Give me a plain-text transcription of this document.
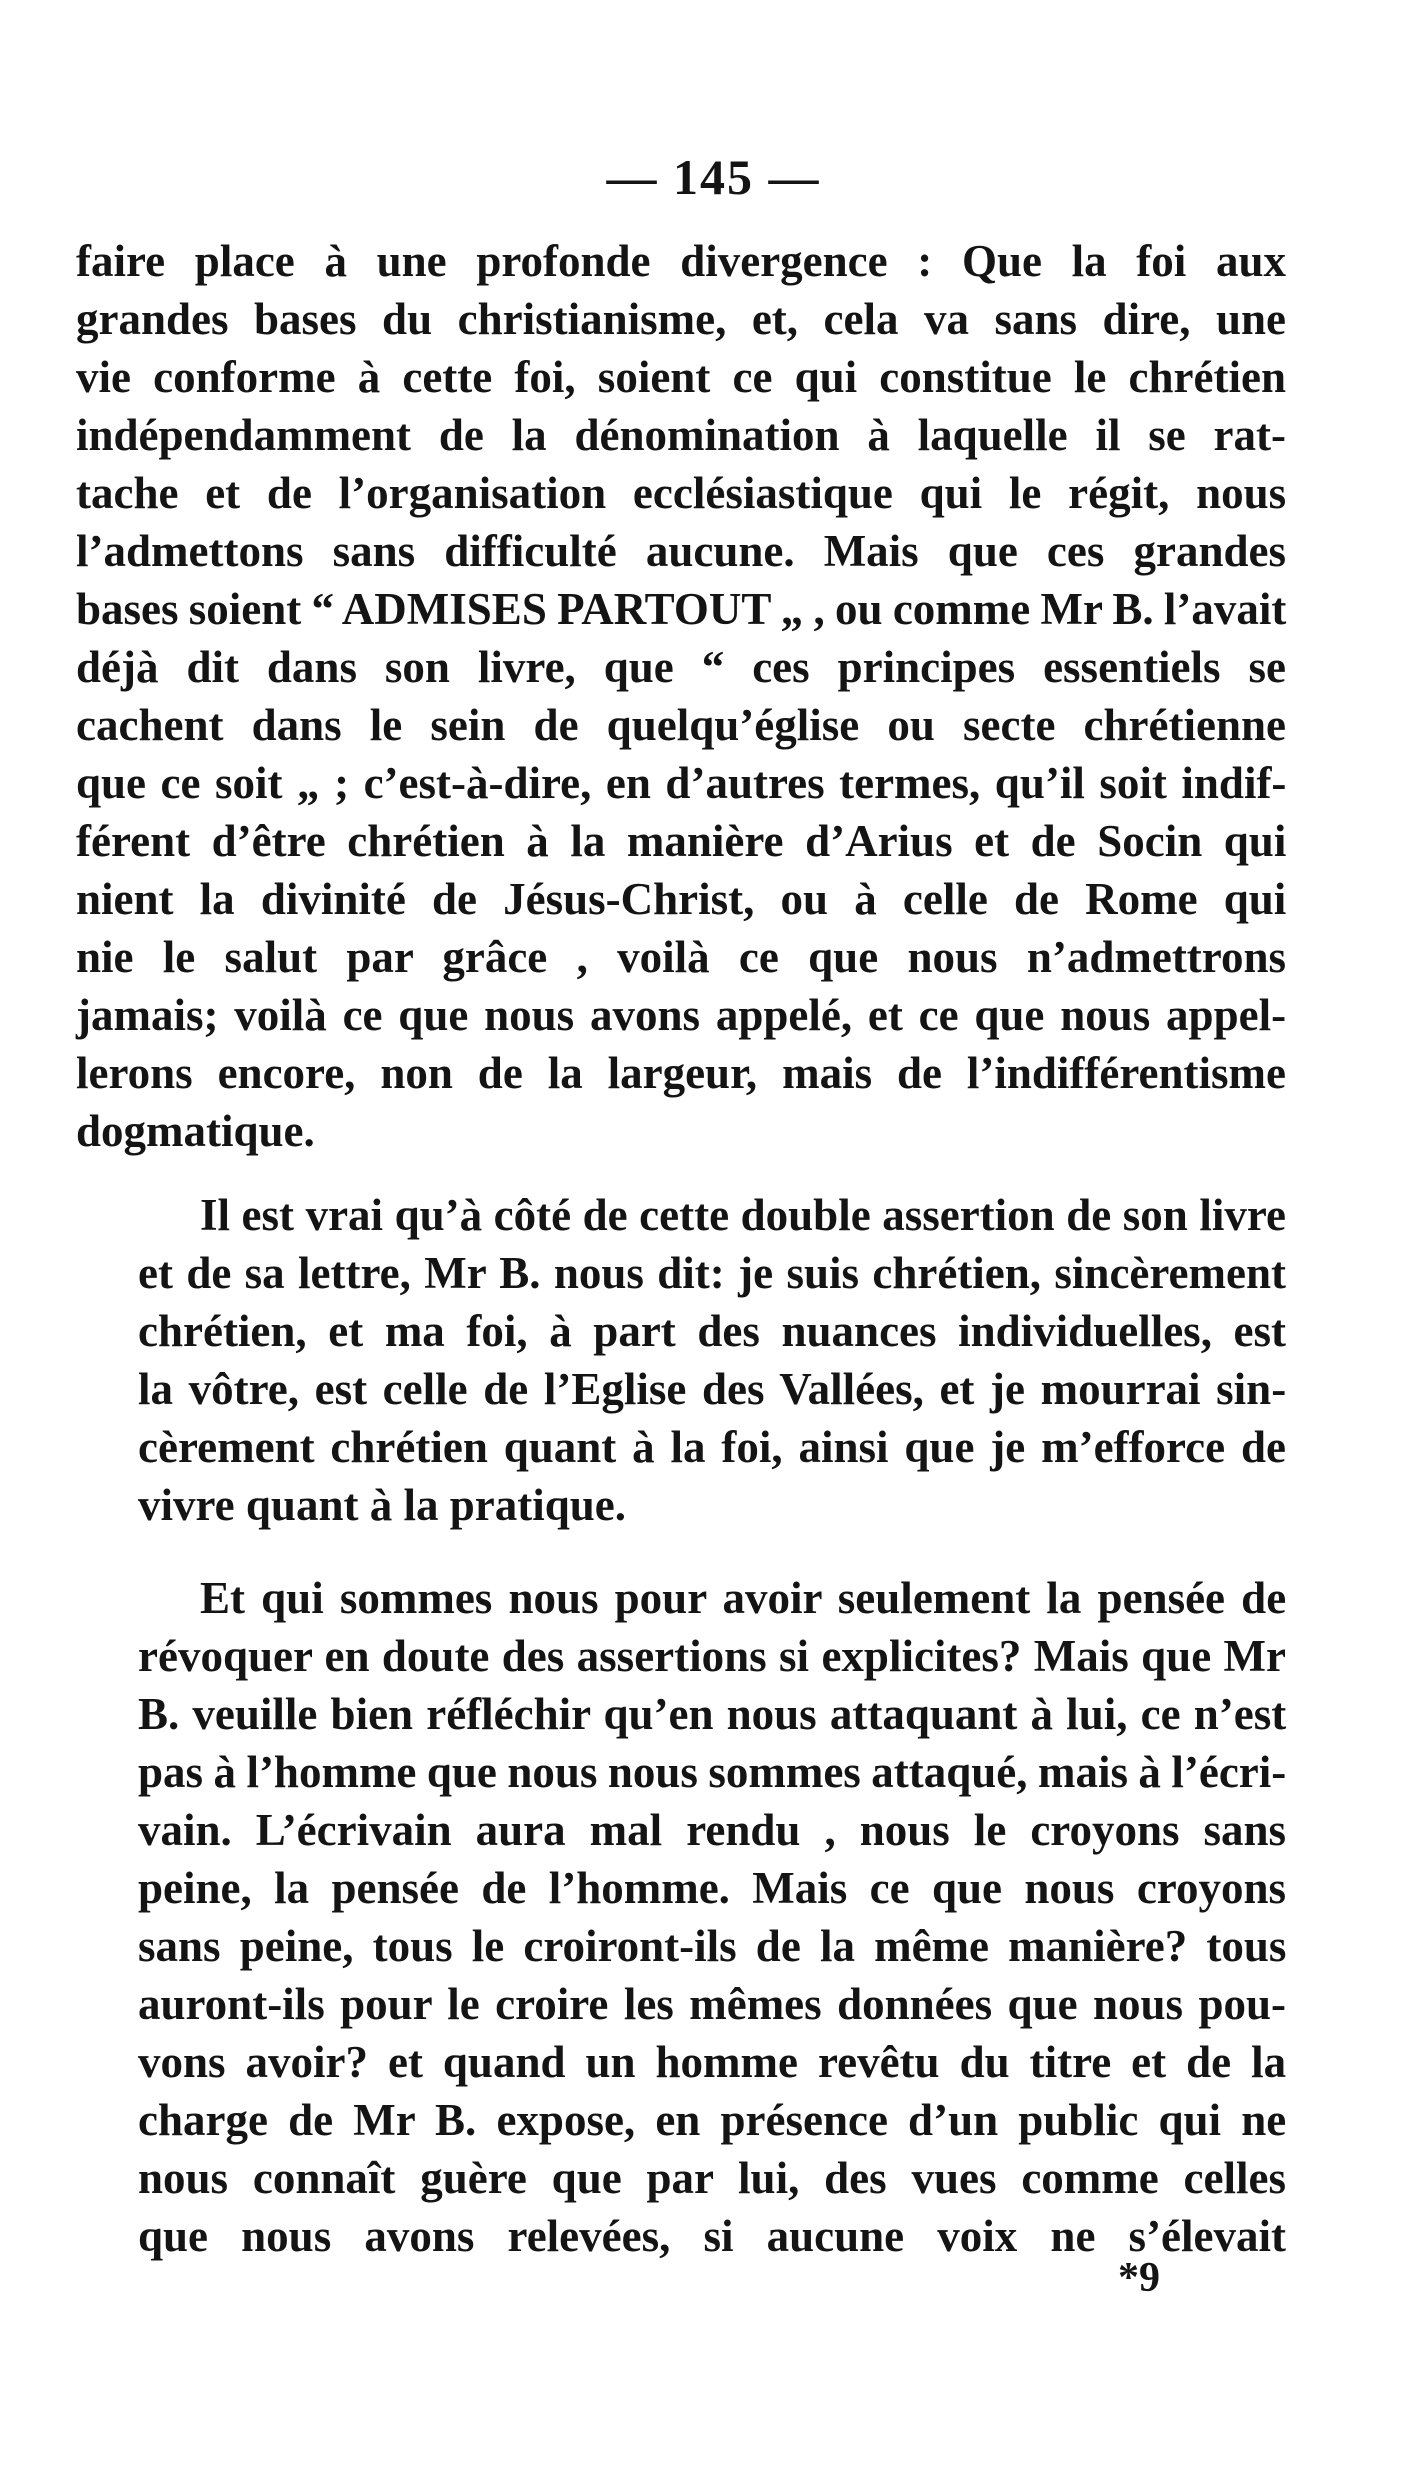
— 145 —
faire place à une profonde divergence : Que la foi aux
grandes bases du christianisme, et, cela va sans dire, une
vie conforme à cette foi, soient ce qui constitue le chrétien
indépendamment de la dénomination à laquelle il se rat-
tache et de l’organisation ecclésiastique qui le régit, nous
l’admettons sans difficulté aucune. Mais que ces grandes
bases soient “ ADMISES PARTOUT „ , ou comme Mr B. l’avait
déjà dit dans son livre, que “ ces principes essentiels se
cachent dans le sein de quelqu’église ou secte chrétienne
que ce soit „ ; c’est-à-dire, en d’autres termes, qu’il soit indif-
férent d’être chrétien à la manière d’Arius et de Socin qui
nient la divinité de Jésus-Christ, ou à celle de Rome qui
nie le salut par grâce , voilà ce que nous n’admettrons
jamais; voilà ce que nous avons appelé, et ce que nous appel-
lerons encore, non de la largeur, mais de l’indifférentisme
dogmatique.
Il est vrai qu’à côté de cette double assertion de son livre
et de sa lettre, Mr B. nous dit: je suis chrétien, sincèrement
chrétien, et ma foi, à part des nuances individuelles, est
la vôtre, est celle de l’Eglise des Vallées, et je mourrai sin-
cèrement chrétien quant à la foi, ainsi que je m’efforce de
vivre quant à la pratique.
Et qui sommes nous pour avoir seulement la pensée de
révoquer en doute des assertions si explicites? Mais que Mr
B. veuille bien réfléchir qu’en nous attaquant à lui, ce n’est
pas à l’homme que nous nous sommes attaqué, mais à l’écri-
vain. L’écrivain aura mal rendu , nous le croyons sans
peine, la pensée de l’homme. Mais ce que nous croyons
sans peine, tous le croiront-ils de la même manière? tous
auront-ils pour le croire les mêmes données que nous pou-
vons avoir? et quand un homme revêtu du titre et de la
charge de Mr B. expose, en présence d’un public qui ne
nous connaît guère que par lui, des vues comme celles
que nous avons relevées, si aucune voix ne s’élevait
*9
